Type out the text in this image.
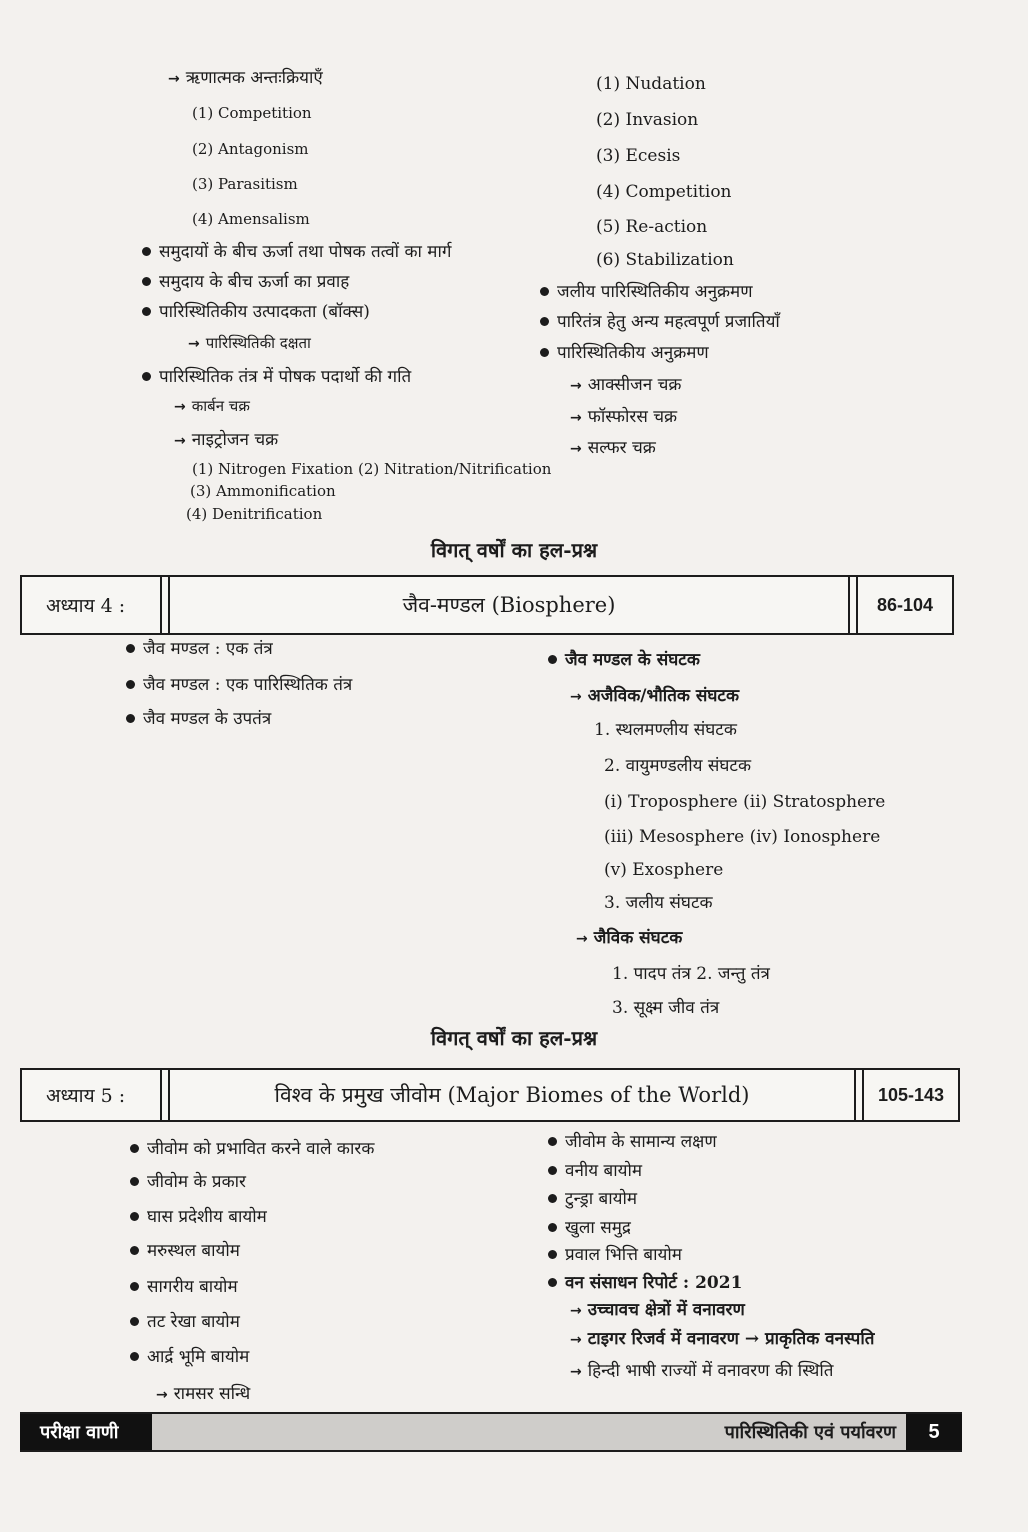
→ ऋणात्मक अन्तःक्रियाएँ
(1) Competition
(2) Antagonism
(3) Parasitism
(4) Amensalism
समुदायों के बीच ऊर्जा तथा पोषक तत्वों का मार्ग
समुदाय के बीच ऊर्जा का प्रवाह
पारिस्थितिकीय उत्पादकता (बॉक्स)
→ पारिस्थितिकी दक्षता
पारिस्थितिक तंत्र में पोषक पदार्थो की गति
→ कार्बन चक्र
→ नाइट्रोजन चक्र
(1) Nitrogen Fixation (2) Nitration/Nitrification
(3) Ammonification
(4) Denitrification
(1) Nudation
(2) Invasion
(3) Ecesis
(4) Competition
(5) Re-action
(6) Stabilization
जलीय पारिस्थितिकीय अनुक्रमण
पारितंत्र हेतु अन्य महत्वपूर्ण प्रजातियाँ
पारिस्थितिकीय अनुक्रमण
→ आक्सीजन चक्र
→ फॉस्फोरस चक्र
→ सल्फर चक्र
विगत् वर्षों का हल-प्रश्न
अध्याय 4 :	जैव-मण्डल (Biosphere)	86-104
जैव मण्डल : एक तंत्र
जैव मण्डल : एक पारिस्थितिक तंत्र
जैव मण्डल के उपतंत्र
जैव मण्डल के संघटक
→ अजैविक/भौतिक संघटक
1. स्थलमण्लीय संघटक
2. वायुमण्डलीय संघटक
(i) Troposphere (ii) Stratosphere
(iii) Mesosphere (iv) Ionosphere
(v) Exosphere
3. जलीय संघटक
→ जैविक संघटक
1. पादप तंत्र 2. जन्तु तंत्र
3. सूक्ष्म जीव तंत्र
विगत् वर्षों का हल-प्रश्न
अध्याय 5 :	विश्व के प्रमुख जीवोम (Major Biomes of the World)	105-143
जीवोम को प्रभावित करने वाले कारक
जीवोम के प्रकार
घास प्रदेशीय बायोम
मरुस्थल बायोम
सागरीय बायोम
तट रेखा बायोम
आर्द्र भूमि बायोम
→ रामसर सन्धि
जीवोम के सामान्य लक्षण
वनीय बायोम
टुन्ड्रा बायोम
खुला समुद्र
प्रवाल भित्ति बायोम
वन संसाधन रिपोर्ट : 2021
→ उच्चावच क्षेत्रों में वनावरण
→ टाइगर रिजर्व में वनावरण → प्राकृतिक वनस्पति
→ हिन्दी भाषी राज्यों में वनावरण की स्थिति
परीक्षा वाणी	पारिस्थितिकी एवं पर्यावरण	5
